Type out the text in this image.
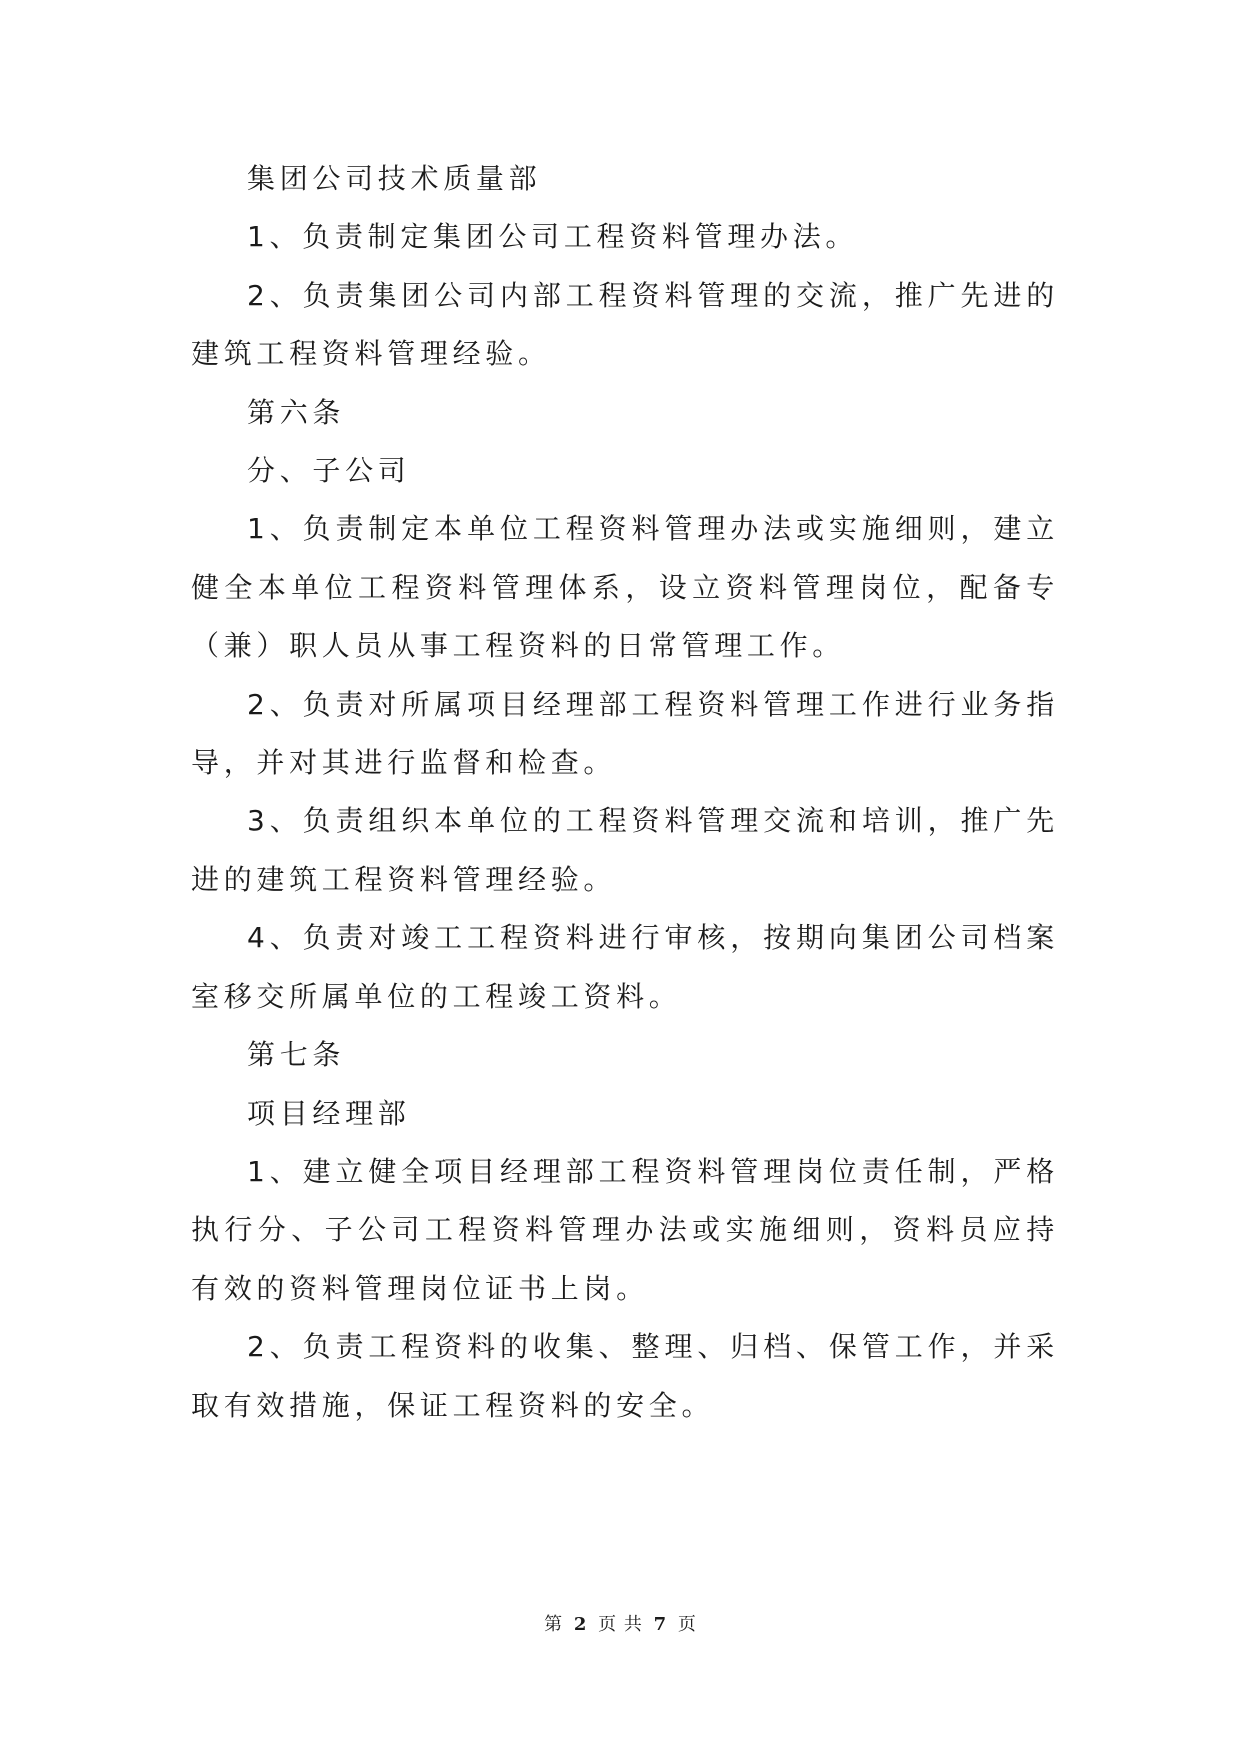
集团公司技术质量部

1、负责制定集团公司工程资料管理办法。

2、负责集团公司内部工程资料管理的交流，推广先进的建筑工程资料管理经验。

第六条

分、子公司

1、负责制定本单位工程资料管理办法或实施细则，建立健全本单位工程资料管理体系，设立资料管理岗位，配备专（兼）职人员从事工程资料的日常管理工作。

2、负责对所属项目经理部工程资料管理工作进行业务指导，并对其进行监督和检查。

3、负责组织本单位的工程资料管理交流和培训，推广先进的建筑工程资料管理经验。

4、负责对竣工工程资料进行审核，按期向集团公司档案室移交所属单位的工程竣工资料。

第七条

项目经理部

1、建立健全项目经理部工程资料管理岗位责任制，严格执行分、子公司工程资料管理办法或实施细则，资料员应持有效的资料管理岗位证书上岗。

2、负责工程资料的收集、整理、归档、保管工作，并采取有效措施，保证工程资料的安全。

第 2 页 共 7 页
